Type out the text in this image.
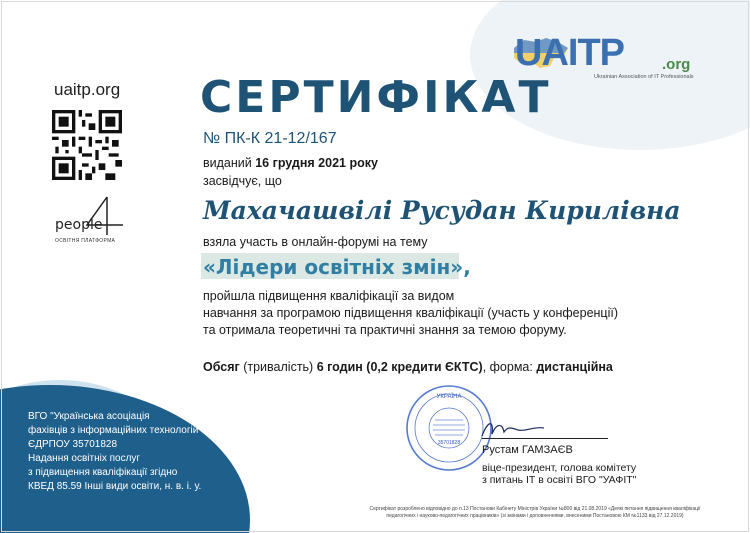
uaitp.org
people
ОСВІТНЯ ПЛАТФОРМА
UAITP	.org
Ukrainian Association of IT Professionals
СЕРТИФІКАТ
№ ПК-К 21-12/167
виданий 16 грудня 2021 року
засвідчує, що
Махачашвілі Русудан Кирилівна
взяла участь в онлайн-форумі на тему
«Лідери освітніх змін»,
пройшла підвищення кваліфікації за видом
навчання за програмою підвищення кваліфікації (участь у конференції)
та отримала теоретичні та практичні знання за темою форуму.
Обсяг (тривалість) 6 годин (0,2 кредити ЄКТС), форма: дистанційна
УКРАЇНА
35701828
Рустам ГАМЗАЄВ
віце-президент, голова комітету
з питань ІТ в освіті ВГО "УАФІТ"
ВГО "Українська асоціація
фахівців з інформаційних технологій"
ЄДРПОУ 35701828
Надання освітніх послуг
з підвищення кваліфікації згідно
КВЕД 85.59 Інші види освіти, н. в. і. у.
Сертифікат розроблено відповідно до п.13 Постанови Кабінету Міністрів України №800 від 21.08.2019 «Деякі питання підвищення кваліфікації
педагогічних і науково-педагогічних працівників» (зі змінами і доповненнями, внесеними Постановою КМ №1133 від 27.12.2019)
